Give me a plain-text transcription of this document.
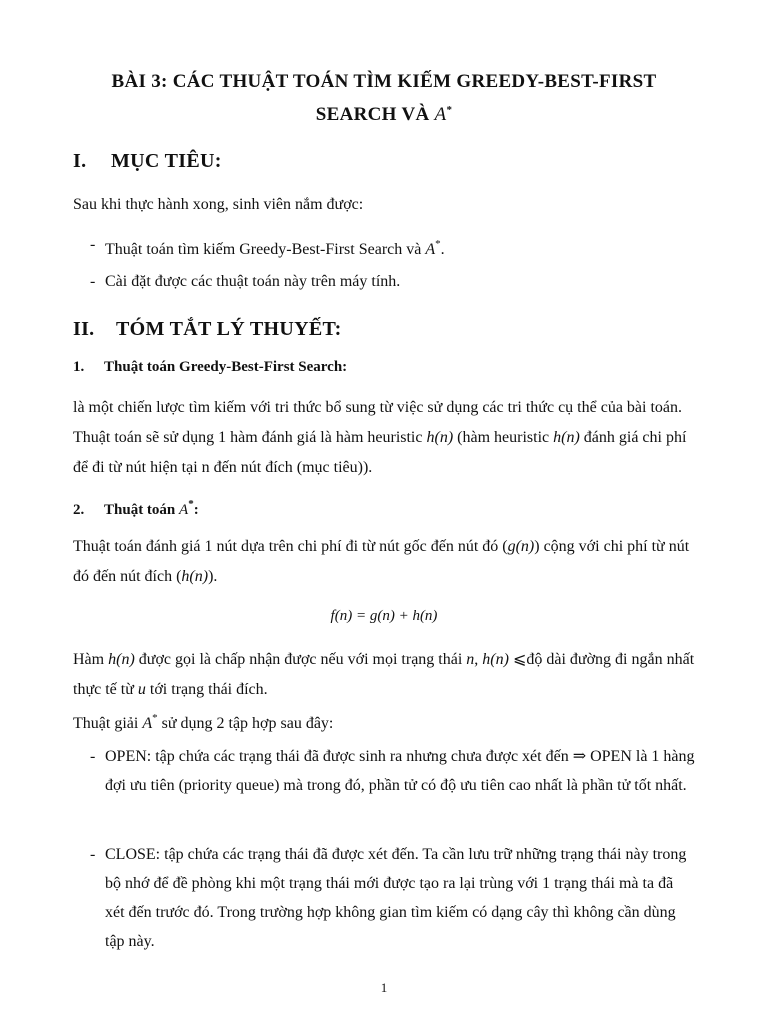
BÀI 3: CÁC THUẬT TOÁN TÌM KIẾM GREEDY-BEST-FIRST
SEARCH VÀ A*
I. MỤC TIÊU:
Sau khi thực hành xong, sinh viên nắm được:
- Thuật toán tìm kiếm Greedy-Best-First Search và A*.
- Cài đặt được các thuật toán này trên máy tính.
II. TÓM TẮT LÝ THUYẾT:
1. Thuật toán Greedy-Best-First Search:
là một chiến lược tìm kiếm với tri thức bổ sung từ việc sử dụng các tri thức cụ thể của bài toán. Thuật toán sẽ sử dụng 1 hàm đánh giá là hàm heuristic h(n) (hàm heuristic h(n) đánh giá chi phí để đi từ nút hiện tại n đến nút đích (mục tiêu)).
2. Thuật toán A*:
Thuật toán đánh giá 1 nút dựa trên chi phí đi từ nút gốc đến nút đó (g(n)) cộng với chi phí từ nút đó đến nút đích (h(n)).
f(n) = g(n) + h(n)
Hàm h(n) được gọi là chấp nhận được nếu với mọi trạng thái n, h(n) ⩽độ dài đường đi ngắn nhất thực tế từ u tới trạng thái đích.
Thuật giải A* sử dụng 2 tập hợp sau đây:
- OPEN: tập chứa các trạng thái đã được sinh ra nhưng chưa được xét đến ⇒ OPEN là 1 hàng đợi ưu tiên (priority queue) mà trong đó, phần tử có độ ưu tiên cao nhất là phần tử tốt nhất.
- CLOSE: tập chứa các trạng thái đã được xét đến. Ta cần lưu trữ những trạng thái này trong bộ nhớ để đề phòng khi một trạng thái mới được tạo ra lại trùng với 1 trạng thái mà ta đã xét đến trước đó. Trong trường hợp không gian tìm kiếm có dạng cây thì không cần dùng tập này.
1
